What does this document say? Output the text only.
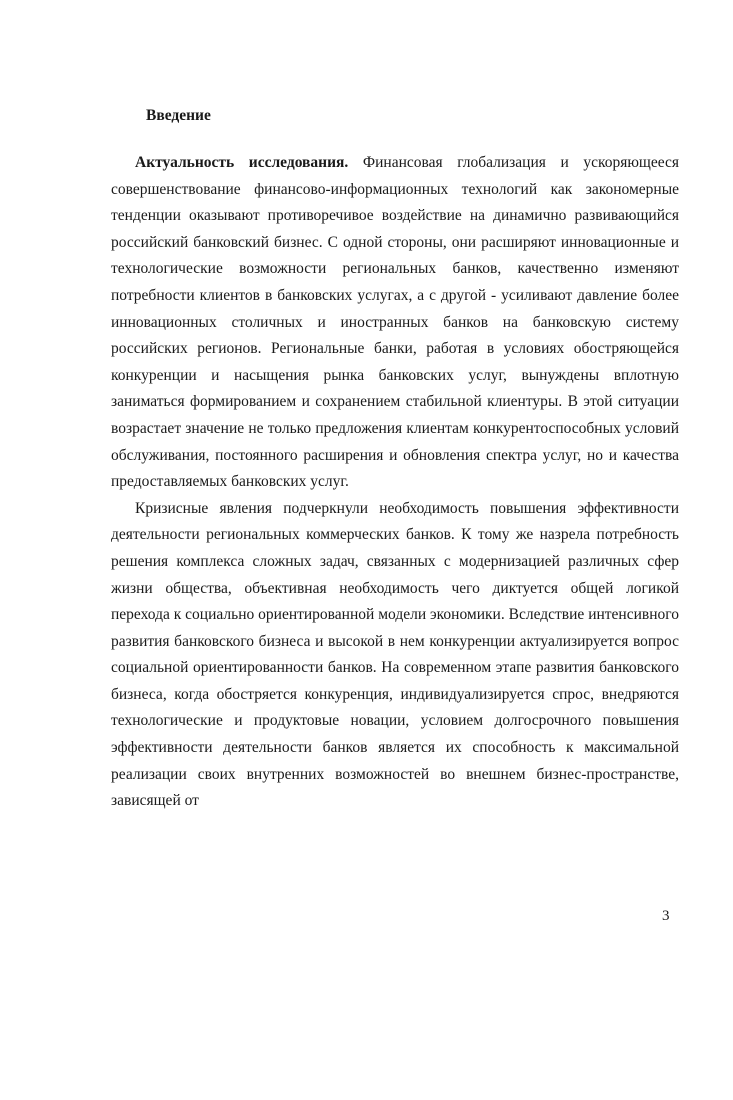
Введение

Актуальность исследования. Финансовая глобализация и ускоряющееся совершенствование финансово-информационных технологий как закономерные тенденции оказывают противоречивое воздействие на динамично развивающийся российский банковский бизнес. С одной стороны, они расширяют инновационные и технологические возможности региональных банков, качественно изменяют потребности клиентов в банковских услугах, а с другой - усиливают давление более инновационных столичных и иностранных банков на банковскую систему российских регионов. Региональные банки, работая в условиях обостряющейся конкуренции и насыщения рынка банковских услуг, вынуждены вплотную заниматься формированием и сохранением стабильной клиентуры. В этой ситуации возрастает значение не только предложения клиентам конкурентоспособных условий обслуживания, постоянного расширения и обновления спектра услуг, но и качества предоставляемых банковских услуг.

Кризисные явления подчеркнули необходимость повышения эффективности деятельности региональных коммерческих банков. К тому же назрела потребность решения комплекса сложных задач, связанных с модернизацией различных сфер жизни общества, объективная необходимость чего диктуется общей логикой перехода к социально ориентированной модели экономики. Вследствие интенсивного развития банковского бизнеса и высокой в нем конкуренции актуализируется вопрос социальной ориентированности банков. На современном этапе развития банковского бизнеса, когда обостряется конкуренция, индивидуализируется спрос, внедряются технологические и продуктовые новации, условием долгосрочного повышения эффективности деятельности банков является их способность к максимальной реализации своих внутренних возможностей во внешнем бизнес-пространстве, зависящей от

3
